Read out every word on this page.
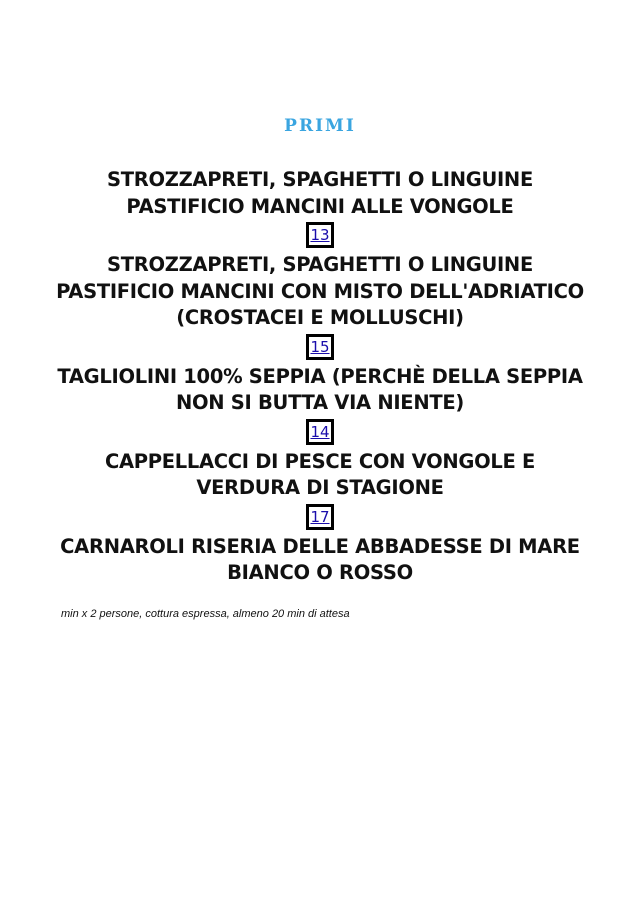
PRIMI

STROZZAPRETI, SPAGHETTI O LINGUINE PASTIFICIO MANCINI ALLE VONGOLE

13

STROZZAPRETI, SPAGHETTI O LINGUINE PASTIFICIO MANCINI CON MISTO DELL'ADRIATICO (CROSTACEI E MOLLUSCHI)

15

TAGLIOLINI 100% SEPPIA (PERCHÈ DELLA SEPPIA NON SI BUTTA VIA NIENTE)

14

CAPPELLACCI DI PESCE CON VONGOLE E VERDURA DI STAGIONE

17

CARNAROLI RISERIA DELLE ABBADESSE DI MARE BIANCO O ROSSO

min x 2 persone, cottura espressa, almeno 20 min di attesa
